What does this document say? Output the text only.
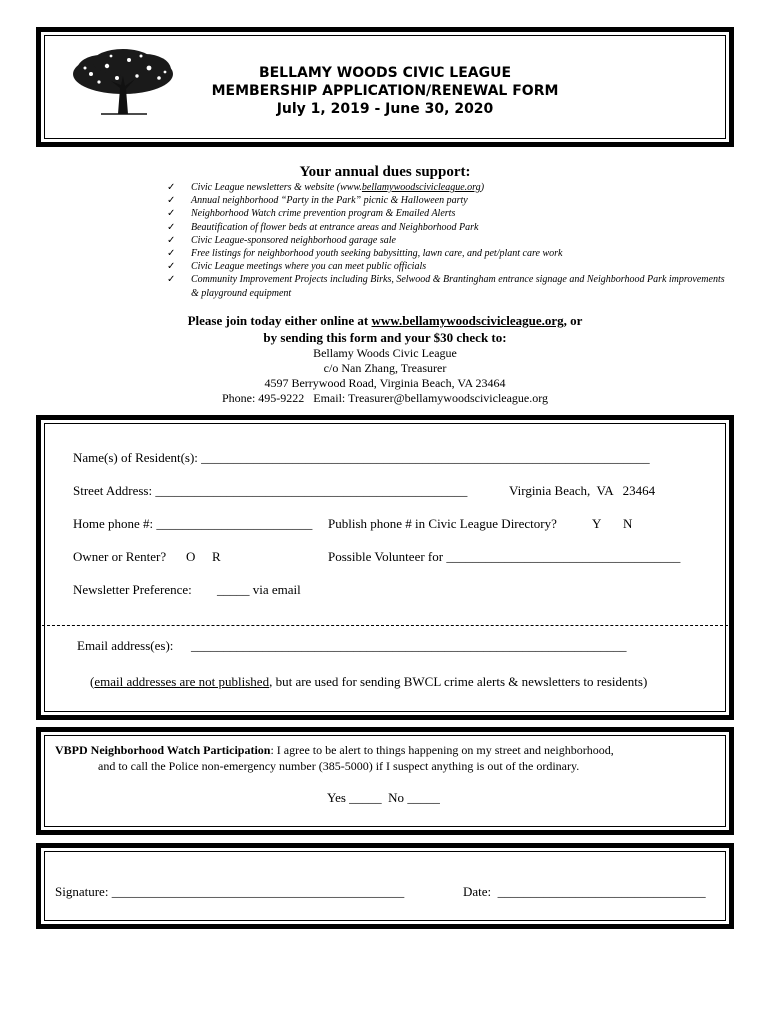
BELLAMY WOODS CIVIC LEAGUE
MEMBERSHIP APPLICATION/RENEWAL FORM
July 1, 2019 - June 30, 2020
Your annual dues support:
✓ Civic League newsletters & website (www.bellamywoodscivicleague.org)
✓ Annual neighborhood “Party in the Park” picnic & Halloween party
✓ Neighborhood Watch crime prevention program & Emailed Alerts
✓ Beautification of flower beds at entrance areas and Neighborhood Park
✓ Civic League-sponsored neighborhood garage sale
✓ Free listings for neighborhood youth seeking babysitting, lawn care, and pet/plant care work
✓ Civic League meetings where you can meet public officials
✓ Community Improvement Projects including Birks, Selwood & Brantingham entrance signage and Neighborhood Park improvements & playground equipment
Please join today either online at www.bellamywoodscivicleague.org, or
by sending this form and your $30 check to:
Bellamy Woods Civic League
c/o Nan Zhang, Treasurer
4597 Berrywood Road, Virginia Beach, VA 23464
Phone: 495-9222   Email: Treasurer@bellamywoodscivicleague.org
Name(s) of Resident(s): _____________________________________________________________________
Street Address: ________________________________________________	Virginia Beach,  VA   23464
Home phone #: ________________________ Publish phone # in Civic League Directory?	Y N
Owner or Renter? O R	Possible Volunteer for ____________________________________
Newsletter Preference: _____ via email
Email address(es): ___________________________________________________________________
(email addresses are not published, but are used for sending BWCL crime alerts & newsletters to residents)
VBPD Neighborhood Watch Participation: I agree to be alert to things happening on my street and neighborhood,
and to call the Police non-emergency number (385-5000) if I suspect anything is out of the ordinary.
Yes _____  No _____
Signature: _____________________________________________	Date:  ________________________________
